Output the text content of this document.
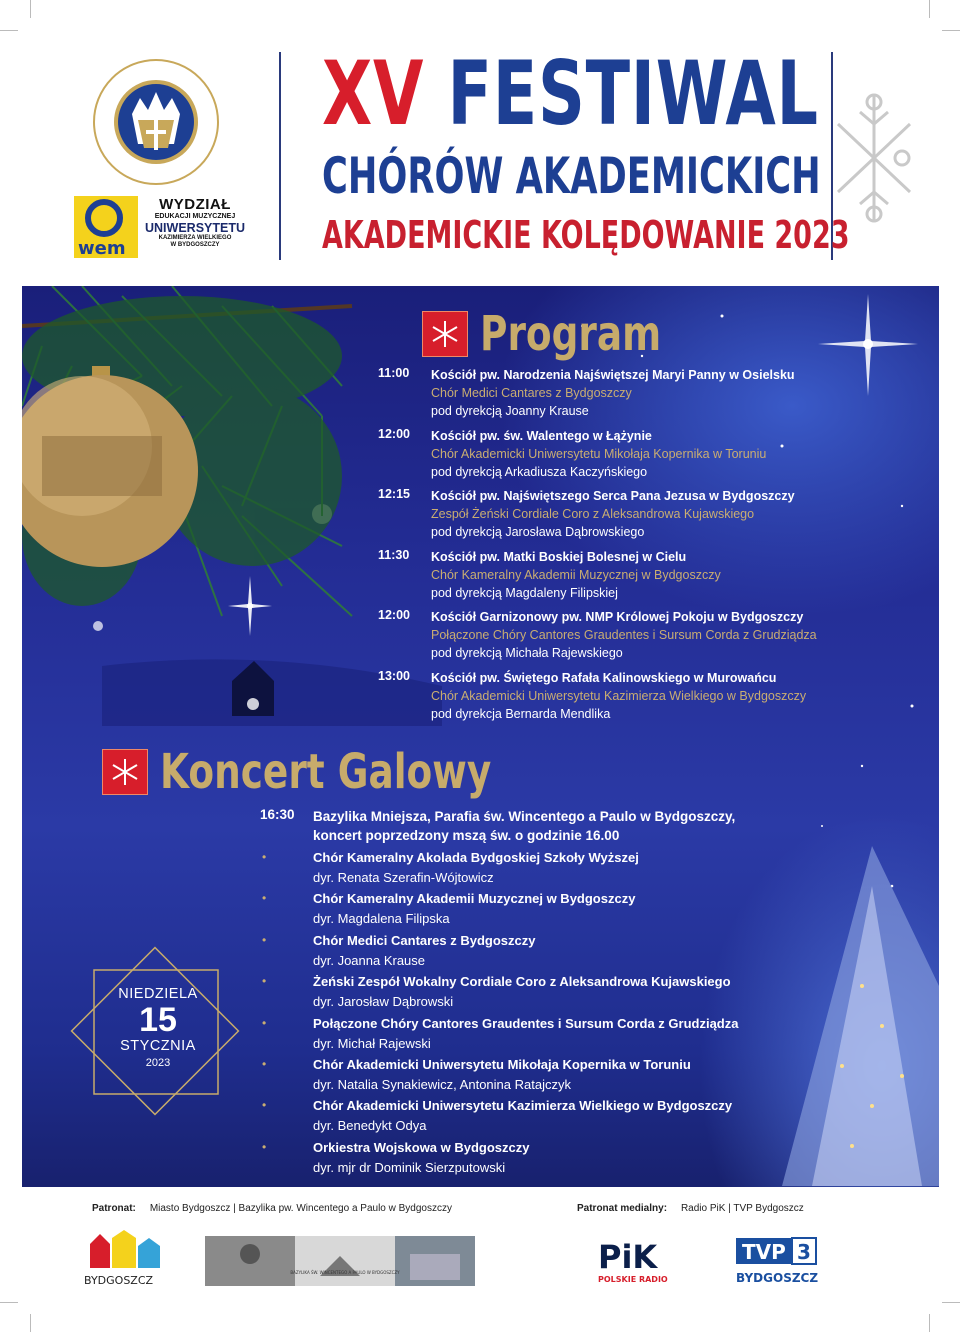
UNIWERSYTET KAZIMIERZA WIELKIEGO W BYDGOSZCZY
wem
WYDZIAŁ
EDUKACJI MUZYCZNEJ
UNIWERSYTETU
KAZIMIERZA WIELKIEGO
W BYDGOSZCZY
XV FESTIWAL
CHÓRÓW AKADEMICKICH
AKADEMICKIE KOLĘDOWANIE 2023
Program
11:00 Kościół pw. Narodzenia Najświętszej Maryi Panny w Osielsku
Chór Medici Cantares z Bydgoszczy
pod dyrekcją Joanny Krause
12:00 Kościół pw. św. Walentego w Łążynie
Chór Akademicki Uniwersytetu Mikołaja Kopernika w Toruniu
pod dyrekcją Arkadiusza Kaczyńskiego
12:15 Kościół pw. Najświętszego Serca Pana Jezusa w Bydgoszczy
Zespół Żeński Cordiale Coro z Aleksandrowa Kujawskiego
pod dyrekcją Jarosława Dąbrowskiego
11:30 Kościół pw. Matki Boskiej Bolesnej w Cielu
Chór Kameralny Akademii Muzycznej w Bydgoszczy
pod dyrekcją Magdaleny Filipskiej
12:00 Kościół Garnizonowy pw. NMP Królowej Pokoju w Bydgoszczy
Połączone Chóry Cantores Graudentes i Sursum Corda z Grudziądza
pod dyrekcją Michała Rajewskiego
13:00 Kościół pw. Świętego Rafała Kalinowskiego w Murowańcu
Chór Akademicki Uniwersytetu Kazimierza Wielkiego w Bydgoszczy
pod dyrekcja Bernarda Mendlika
Koncert Galowy
16:30 Bazylika Mniejsza, Parafia św. Wincentego a Paulo w Bydgoszczy,
koncert poprzedzony mszą św. o godzinie 16.00
•	Chór Kameralny Akolada Bydgoskiej Szkoły Wyższej
dyr. Renata Szerafin-Wójtowicz
•	Chór Kameralny Akademii Muzycznej w Bydgoszczy
dyr. Magdalena Filipska
•	Chór Medici Cantares z Bydgoszczy
dyr. Joanna Krause
•	Żeński Zespół Wokalny Cordiale Coro z Aleksandrowa Kujawskiego
dyr. Jarosław Dąbrowski
•	Połączone Chóry Cantores Graudentes i Sursum Corda z Grudziądza
dyr. Michał Rajewski
•	Chór Akademicki Uniwersytetu Mikołaja Kopernika w Toruniu
dyr. Natalia Synakiewicz, Antonina Ratajczyk
•	Chór Akademicki Uniwersytetu Kazimierza Wielkiego w Bydgoszczy
dyr. Benedykt Odya
•	Orkiestra Wojskowa w Bydgoszczy
dyr. mjr dr Dominik Sierzputowski
NIEDZIELA
15
STYCZNIA
2023
Patronat: Miasto Bydgoszcz | Bazylika pw. Wincentego a Paulo w Bydgoszczy	Patronat medialny: Radio PiK | TVP Bydgoszcz
BYDGOSZCZ
BAZYLIKA ŚW. WINCENTEGO A PAULO W BYDGOSZCZY	PiK
POLSKIE RADIO
TVP 3
BYDGOSZCZ
